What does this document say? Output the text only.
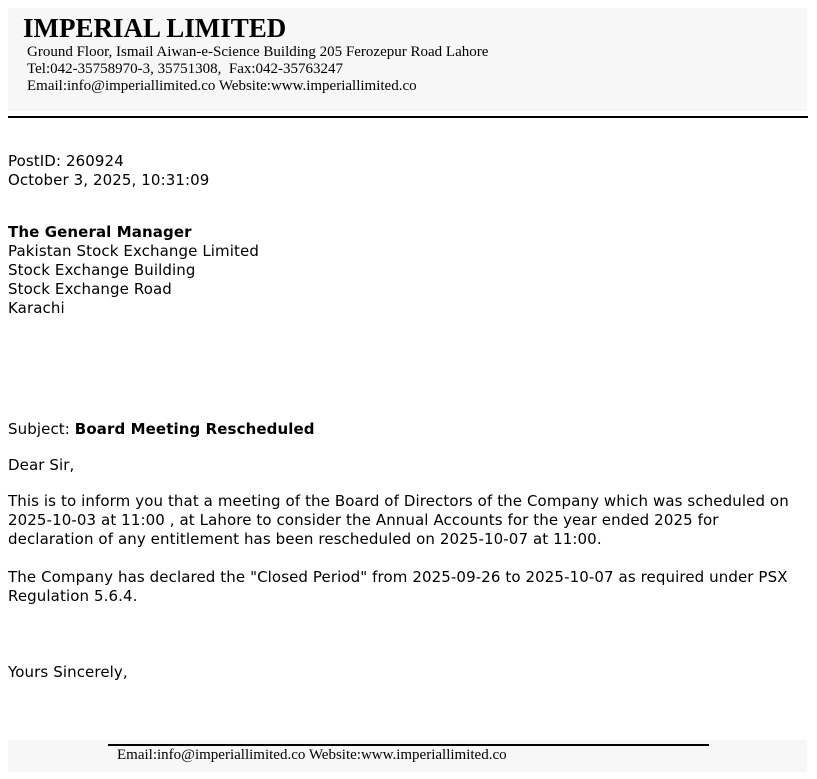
IMPERIAL LIMITED
Ground Floor, Ismail Aiwan-e-Science Building 205 Ferozepur Road Lahore
Tel:042-35758970-3, 35751308,  Fax:042-35763247
Email:info@imperiallimited.co Website:www.imperiallimited.co
PostID: 260924
October 3, 2025, 10:31:09
The General Manager
Pakistan Stock Exchange Limited
Stock Exchange Building
Stock Exchange Road
Karachi
Subject: Board Meeting Rescheduled
Dear Sir,
This is to inform you that a meeting of the Board of Directors of the Company which was scheduled on 2025-10-03 at 11:00 , at Lahore to consider the Annual Accounts for the year ended 2025 for declaration of any entitlement has been rescheduled on 2025-10-07 at 11:00.
The Company has declared the "Closed Period" from 2025-09-26 to 2025-10-07 as required under PSX Regulation 5.6.4.
Yours Sincerely,
Email:info@imperiallimited.co Website:www.imperiallimited.co
